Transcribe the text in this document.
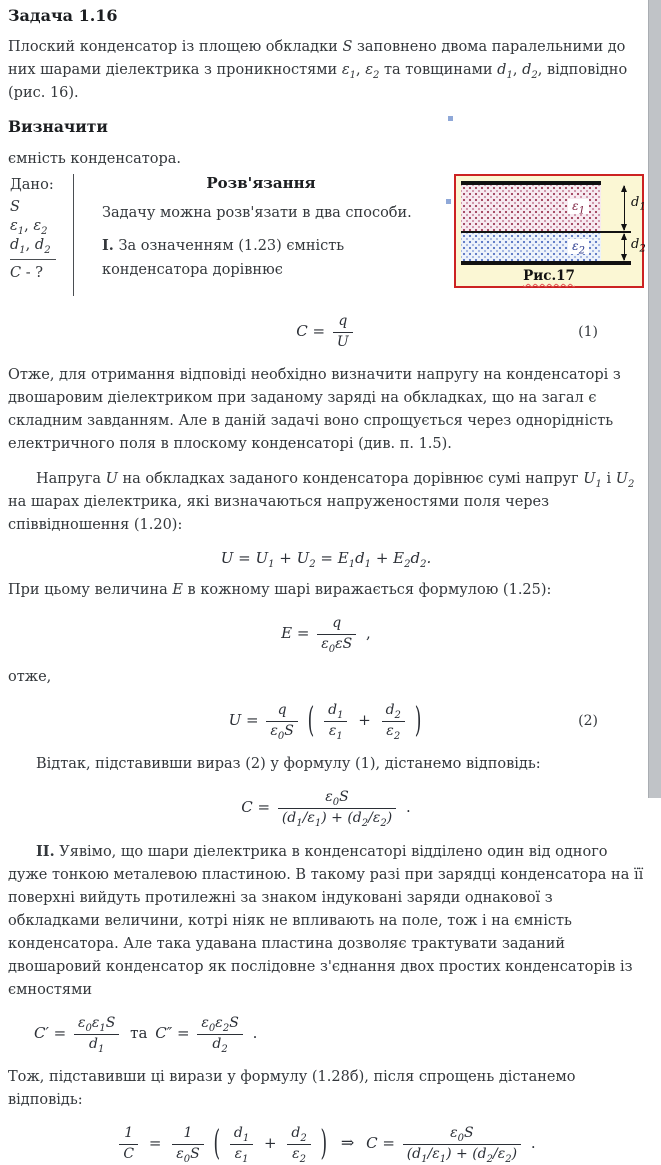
Задача 1.16

Плоский конденсатор із площею обкладки S заповнено двома паралельними до них шарами діелектрика з проникностями $\varepsilon_1$, $\varepsilon_2$ та товщинами $d_1$, $d_2$, відповідно (рис. 16).

Визначити

ємність конденсатора.

Дано:
S
$\varepsilon_1$, $\varepsilon_2$
$d_1$, $d_2$
C - ?
Розв'язання

Задачу можна розв'язати в два способи.

I. За означенням (1.23) ємність конденсатора дорівнює

$\varepsilon_1$
$\varepsilon_2$
$d_1$
$d_2$
Рис.17
$C = \frac{q}{U}$	(1)

Отже, для отримання відповіді необхідно визначити напругу на конденсаторі з двошаровим діелектриком при заданому заряді на обкладках, що на загал є складним завданням. Але в даній задачі воно спрощується через однорідність електричного поля в плоскому конденсаторі (див. п. 1.5).

Напруга U на обкладках заданого конденсатора дорівнює сумі напруг $U_1$ і $U_2$ на шарах діелектрика, які визначаються напруженостями поля через співвідношення (1.20):

$U = U_1 + U_2 = E_1d_1 + E_2d_2$.

При цьому величина E в кожному шарі виражається формулою (1.25):

$E = \frac{q}{\varepsilon_0\varepsilon S}$ ,

отже,

$U = \frac{q}{\varepsilon_0S}$ ( $\frac{d_1}{\varepsilon_1} + \frac{d_2}{\varepsilon_2}$ )	(2)

Відтак, підставивши вираз (2) у формулу (1), дістанемо відповідь:

$C = \frac{\varepsilon_0S}{(d_1/\varepsilon_1) + (d_2/\varepsilon_2)}$ .

II. Уявімо, що шари діелектрика в конденсаторі відділено один від одного дуже тонкою металевою пластиною. В такому разі при зарядці конденсатора на її поверхні вийдуть протилежні за знаком індуковані заряди однакової з обкладками величини, котрі ніяк не впливають на поле, тож і на ємність конденсатора. Але така удавана пластина дозволяє трактувати заданий двошаровий конденсатор як послідовне з'єднання двох простих конденсаторів із ємностями

$C' = \frac{\varepsilon_0\varepsilon_1S}{d_1}$ та $C'' = \frac{\varepsilon_0\varepsilon_2S}{d_2}$ .

Тож, підставивши ці вирази у формулу (1.28б), після спрощень дістанемо відповідь:

$\frac{1}{C} = \frac{1}{\varepsilon_0S}$ ( $\frac{d_1}{\varepsilon_1} + \frac{d_2}{\varepsilon_2}$ ) ⇒ $C = \frac{\varepsilon_0S}{(d_1/\varepsilon_1) + (d_2/\varepsilon_2)}$ .
